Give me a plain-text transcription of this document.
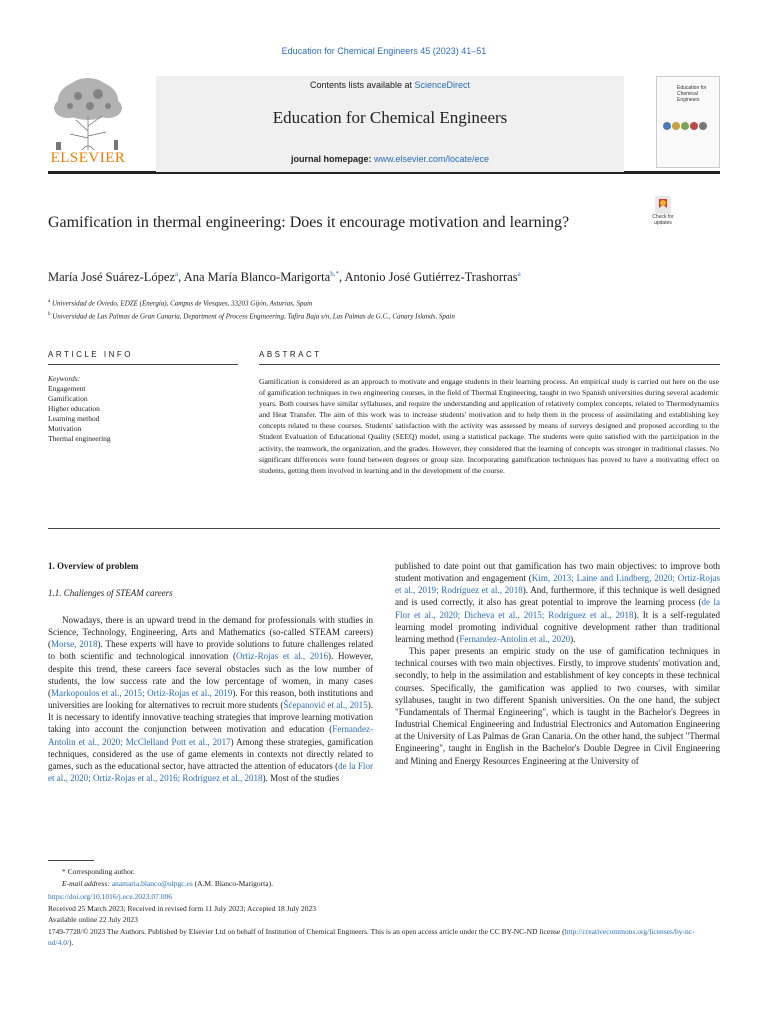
Education for Chemical Engineers 45 (2023) 41–51
ELSEVIER
Contents lists available at ScienceDirect
Education for Chemical Engineers
journal homepage: www.elsevier.com/locate/ece
Education for Chemical Engineers
Gamification in thermal engineering: Does it encourage motivation and learning?	Check for updates
María José Suárez-López$^a$, Ana María Blanco-Marigorta$^{b,*}$, Antonio José Gutiérrez-Trashorras$^a$
$^a$ Universidad de Oviedo, EDZE (Energía), Campus de Viesques, 33203 Gijón, Asturias, Spain
$^b$ Universidad de Las Palmas de Gran Canaria, Department of Process Engineering, Tafira Baja s/n, Las Palmas de G.C., Canary Islands, Spain
ARTICLE INFO	ABSTRACT
Keywords:
Engagement
Gamification
Higher education
Learning method
Motivation
Thermal engineering
Gamification is considered as an approach to motivate and engage students in their learning process. An empirical study is carried out here on the use of gamification techniques in two engineering courses, in the field of Thermal Engineering, taught in two Spanish universities during several academic years. Both courses have similar syllabuses, and require the understanding and application of relatively complex concepts, related to Thermodynamics and Heat Transfer. The aim of this work was to increase students' motivation and to help them in the process of assimilating and establishing key concepts related to these courses. Students' satisfaction with the activity was assessed by means of surveys designed and proposed according to the Student Evaluation of Educational Quality (SEEQ) model, using a statistical package. The students were quite satisfied with the participation in the activity, the teamwork, the organization, and the grades. However, they considered that the learning of concepts was stronger in traditional classes. No significant differences were found between degrees or group size. Incorporating gamification techniques has proved to have a motivating effect on students, getting them involved in learning and in the development of the course.
1. Overview of problem
1.1. Challenges of STEAM careers

Nowadays, there is an upward trend in the demand for professionals with studies in Science, Technology, Engineering, Arts and Mathematics (so-called STEAM careers) (Morse, 2018). These experts will have to provide solutions to future challenges related to both scientific and technological innovation (Ortiz-Rojas et al., 2016). However, despite this trend, these careers face several obstacles such as the low number of students, the low success rate and the low percentage of women, in many cases (Markopoulos et al., 2015; Ortiz-Rojas et al., 2019). For this reason, both institutions and universities are looking for alternatives to recruit more students (Šćepanović et al., 2015). It is necessary to identify innovative teaching strategies that improve learning motivation taking into account the conjunction between motivation and education (Fernandez-Antolin et al., 2020; McClelland Pott et al., 2017) Among these strategies, gamification techniques, considered as the use of game elements in contexts not directly related to games, such as the educational sector, have attracted the attention of educators (de la Flor et al., 2020; Ortiz-Rojas et al., 2016; Rodríguez et al., 2018). Most of the studies

published to date point out that gamification has two main objectives: to improve both student motivation and engagement (Kim, 2013; Laine and Lindberg, 2020; Ortiz-Rojas et al., 2019; Rodríguez et al., 2018). And, furthermore, if this technique is well designed and is used correctly, it also has great potential to improve the learning process (de la Flor et al., 2020; Dicheva et al., 2015; Rodríguez et al., 2018). It is a self-regulated learning model promoting individual cognitive development rather than traditional learning method (Fernandez-Antolin et al., 2020).

This paper presents an empiric study on the use of gamification techniques in technical courses with two main objectives. Firstly, to improve students' motivation and, secondly, to help in the assimilation and establishment of key concepts in these technical courses. Specifically, the gamification was applied to two courses, with similar syllabuses, taught in two different Spanish universities. On the one hand, the subject "Fundamentals of Thermal Engineering", which is taught in the Bachelor's Degrees in Industrial Chemical Engineering and Industrial Electronics and Automation Engineering at the University of Las Palmas de Gran Canaria. On the other hand, the subject "Thermal Engineering", taught in English in the Bachelor's Double Degree in Civil Engineering and Mining and Energy Resources Engineering at the University of

* Corresponding author.
E-mail address: anamaria.blanco@ulpgc.es (A.M. Blanco-Marigorta).
https://doi.org/10.1016/j.ece.2023.07.006
Received 25 March 2023; Received in revised form 11 July 2023; Accepted 18 July 2023
Available online 22 July 2023
1749-7728/© 2023 The Authors. Published by Elsevier Ltd on behalf of Institution of Chemical Engineers. This is an open access article under the CC BY-NC-ND license (http://creativecommons.org/licenses/by-nc-nd/4.0/).
